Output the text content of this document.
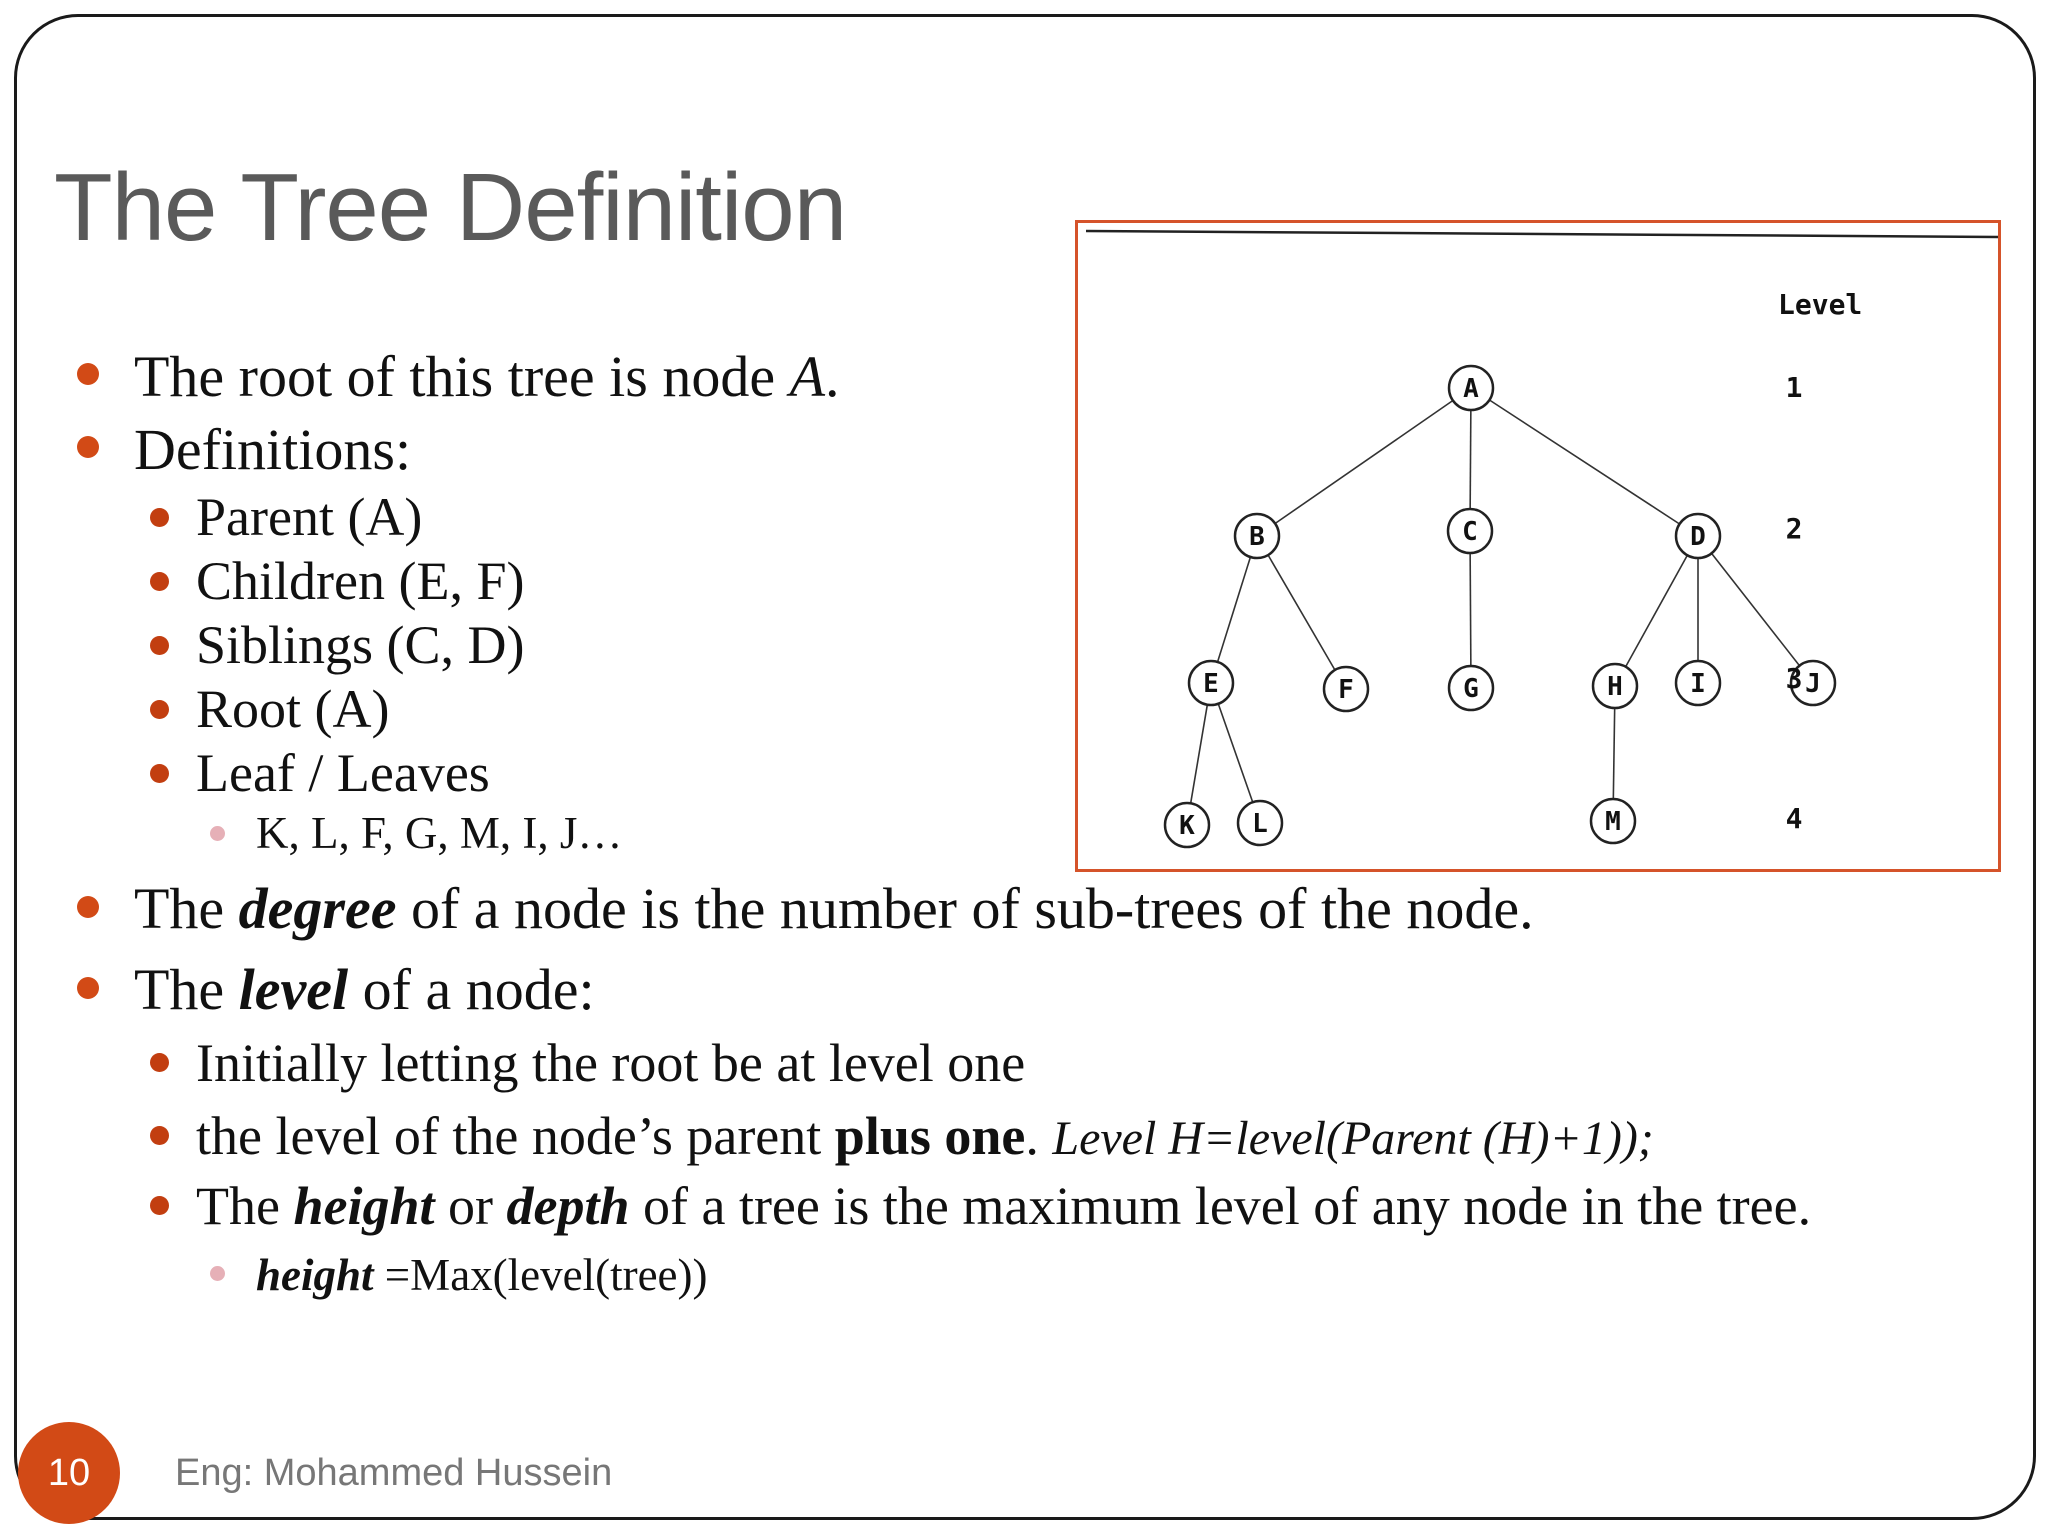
The Tree Definition
The root of this tree is node A.
Definitions:
Parent (A)
Children (E, F)
Siblings (C, D)
Root (A)
Leaf / Leaves
K, L, F, G, M, I, J…
The degree of a node is the number of sub-trees of the node.
The level of a node:
Initially letting the root be at level one
the level of the node’s parent plus one. Level H=level(Parent (H)+1));
The height or depth of a tree is the maximum level of any node in the tree.
height =Max(level(tree))
Level
A
B	C	D
E	F	G	H	I	J
K L	M
1
2
3
4
10	Eng: Mohammed Hussein
